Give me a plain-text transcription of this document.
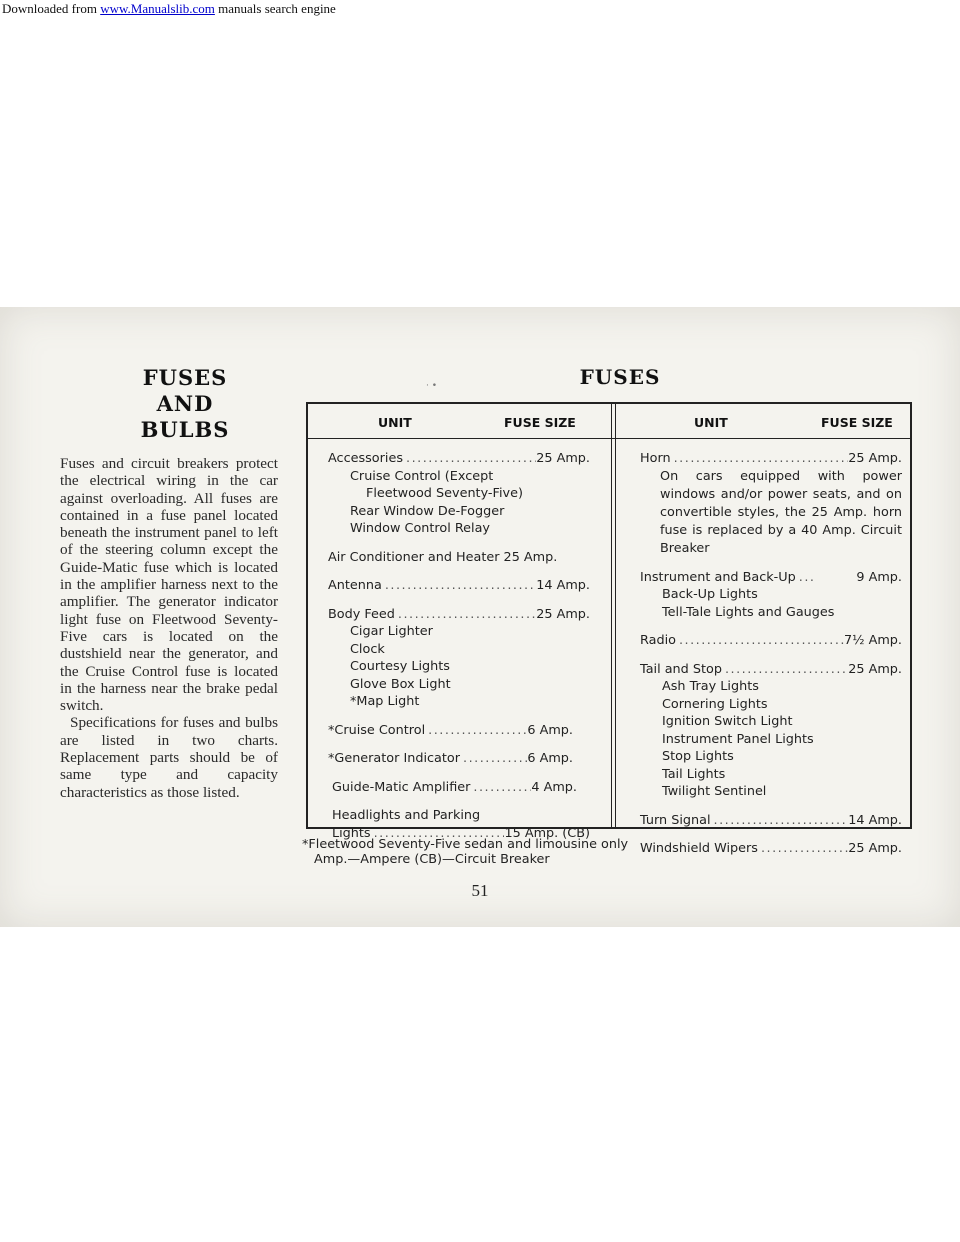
Downloaded from www.Manualslib.com manuals search engine
FUSES
AND
BULBS

Fuses and circuit breakers protect the electrical wiring in the car against overloading. All fuses are contained in a fuse panel located beneath the instrument panel to left of the steering column except the Guide-Matic fuse which is located in the amplifier harness next to the amplifier. The generator indicator light fuse on Fleetwood Seventy-Five cars is located on the dustshield near the generator, and the Cruise Control fuse is located in the harness near the brake pedal switch.

Specifications for fuses and bulbs are listed in two charts. Replacement parts should be of same type and capacity characteristics as those listed.

· •	FUSES
UNIT	FUSE SIZE	UNIT	FUSE SIZE
Accessories .....	25 Amp.
Cruise Control (Except
Fleetwood Seventy-Five)
Rear Window De-Fogger
Window Control Relay
Air Conditioner and Heater 25 Amp.
Antenna .....	14 Amp.
Body Feed .....	25 Amp.
Cigar Lighter
Clock
Courtesy Lights
Glove Box Light
*Map Light
*Cruise Control .....	6 Amp.
*Generator Indicator .....	6 Amp.
Guide-Matic Amplifier .....	4 Amp.
Headlights and Parking
Lights .....	15 Amp. (CB)
Horn .....	25 Amp.
On cars equipped with power windows and/or power seats, and on convertible styles, the 25 Amp. horn fuse is replaced by a 40 Amp. Circuit Breaker
Instrument and Back-Up .....	9 Amp.
Back-Up Lights
Tell-Tale Lights and Gauges
Radio .....	7½ Amp.
Tail and Stop .....	25 Amp.
Ash Tray Lights
Cornering Lights
Ignition Switch Light
Instrument Panel Lights
Stop Lights
Tail Lights
Twilight Sentinel
Turn Signal .....	14 Amp.
Windshield Wipers .....	25 Amp.
*Fleetwood Seventy-Five sedan and limousine only
Amp.—Ampere (CB)—Circuit Breaker
51
